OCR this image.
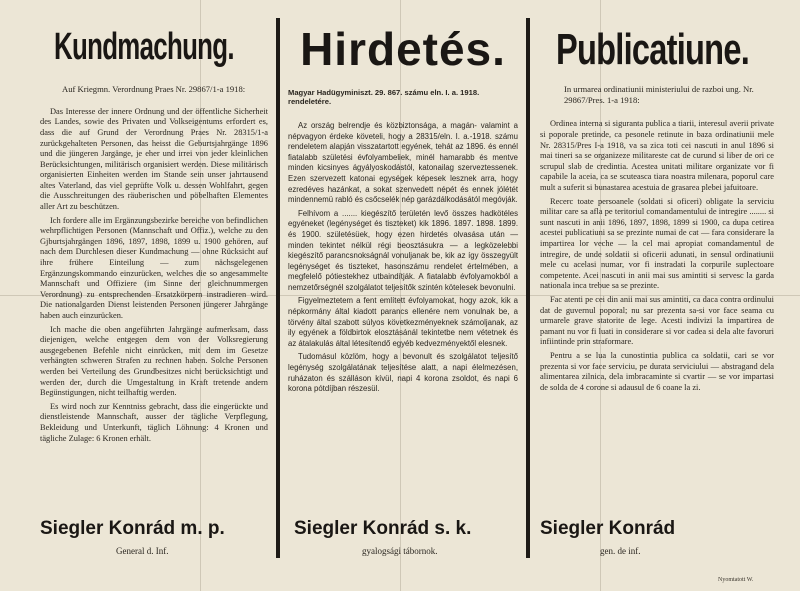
Kundmachung.
Auf Kriegmn. Verordnung Praes Nr. 29867/1-a 1918:

Das Interesse der innere Ordnung und der öffentliche Sicherheit des Landes, sowie des Privaten und Volkseigentums erfordert es, dass die auf Grund der Verordnung Praes Nr. 28315/1-a zurückgehalteten Personen, das heisst die Geburtsjahrgänge 1896 und die jüngeren Jargänge, je eher und irrei von jeder kleinlichen Berücksichtungen, militärisch organisiert werden. Diese militärisch organisierten Einheiten werden im Stande sein unser jahrtausend altes Vaterland, das viel geprüfte Volk u. dessen Wohlfahrt, gegen die Ausschreitungen des räuberischen und pöbelhaften Elementes aller Art zu beschützen.

Ich fordere alle im Ergänzungsbezirke bereiche von befindlichen wehrpflichtigen Personen (Mannschaft und Offiz.), welche zu den Gjburtsjahrgängen 1896, 1897, 1898, 1899 u. 1900 gehören, auf nach dem Durchlesen dieser Kundmachung — ohne Rücksicht auf ihre frühere Einteilung — zum nächsgelegenen Ergänzungskommando einzurücken, welches die so angesammelte Mannschaft und Offiziere (im Sinne der gleichnummergen Verordnung) zu entsprechenden Ersatzkörpern instradieren wird. Die nationalgarden Dienst leistenden Personen jüngerer Jahrgänge haben auch einzurücken.

Ich mache die oben angeführten Jahrgänge aufmerksam, dass diejenigen, welche entgegen dem von der Volksregierung ausgegebenen Befehle nicht einrücken, mit dem im Gesetze verhängten schweren Strafen zu rechnen haben. Solche Personen werden bei Verteilung des Grundbesitzes nicht berücksichtigt und werden der, durch die Umgestaltung in Kraft tretende andern Begünstigungen, nicht teilhaftig werden.

Es wird noch zur Kenntniss gebracht, dass die eingerückte und dienstleistende Mannschaft, ausser der tägliche Verpflegung, Bekleidung und Unterkunft, täglich Löhnung: 4 Kronen und tägliche Zulage: 6 Kronen erhält.

Siegler Konrád m. p.
General d. Inf.
Hirdetés.
Magyar Hadügyminiszt. 29. 867. számu eln. I. a. 1918. rendeletére.

Az ország belrendje és közbiztonsága, a magán- valamint a népvagyon érdeke követeli, hogy a 28315/eln. I. a.-1918. számu rendeletem alapján visszatartott egyének, tehát az 1896. és ennél fiatalabb születési évfolyambeliek, minél hamarabb és mentve minden kicsinyes ágyályoskodástól, katonailag szerveztessenek. Ezen szervezett katonai egységek képesek lesznek arra, hogy ezredéves hazánkat, a sokat szenvedett népét és ennek jólétét mindennemü rabló és csőcselék nép garázdálkodásától megóvják.

Felhívom a ....... kiegészítő területén levő összes hadkötéles egyéneket (legénységet és tiszteket) kik 1896. 1897. 1898. 1899. és 1900. születésüek, hogy ezen hirdetés olvasása után — minden tekintet nélkül régi beosztásukra — a legközelebbi kiegészítő parancsnokságnál vonuljanak be, kik az így összegyült legénységet és tiszteket, hasonszámu rendelet értelmében, a megfelelő pótiestekhez utbaindítják. A fiatalabb évfolyamokból a nemzetőrségnél szolgálatot teljesítők szintén kötelesek bevonulni.

Figyelmeztetem a fent említett évfolyamokat, hogy azok, kik a népkormány által kiadott parancs ellenére nem vonulnak be, a törvény által szabott súlyos következményeknek számoljanak, az ily egyének a földbirtok elosztásánál tekintetbe nem vétetnek és az átalakulás által létesítendő egyéb kedvezményektől elesnek.

Tudomásul közlöm, hogy a bevonult és szolgálatot teljesítő legénység szolgálatának teljesítése alatt, a napi élelmezésen, ruházaton és szálláson kívül, napi 4 korona zsoldot, és napi 6 korona pótdíjban részesül.

Siegler Konrád s. k.
gyalogsági tábornok.
Publicatiune.
In urmarea ordinatiunii ministeriului de razboi ung. Nr. 29867/Pres. 1-a 1918:

Ordinea interna si siguranta publica a tiarii, interesul averii private si poporale pretinde, ca pesonele retinute in baza ordinatiunii mele Nr. 28315/Pres I-a 1918, va sa zica toti cei nascuti in anul 1896 si mai tineri sa se organizeze militareste cat de curund si liber de ori ce scrupul slab de credintia. Acestea unitati militare organizate vor fi capabile la aceia, ca se scuteasca tiara noastra milenara, poporul care mult a suferit si bunastarea acestuia de grasarea plebei jafuitoare.

Recerc toate persoanele (soldati si oficeri) obligate la serviciu militar care sa afla pe teritoriul comandamentului de intregire ........ si sunt nascuti in anii 1896, 1897, 1898, 1899 si 1900, ca dupa cetirea acestei publicatiuni sa se prezinte numai de cat — fara considerare la impartirea lor veche — la cel mai apropiat comandamentul de intregire, de unde soldatii si oficerii adunati, in sensul ordinatiunii mele cu acelasi numar, vor fi instradati la corpurile suplectoare competente. Acei nascuti in anii mai sus amintiti si servesc la garda nationala inca trebue sa se prezinte.

Fac atenti pe cei din anii mai sus amintiti, ca daca contra ordinului dat de guvernul poporal; nu sar prezenta sa-si vor face seama cu urmarele grave statorite de lege. Acesti indivizi la impartirea de pamant nu vor fi luati in considerare si vor cadea si dela alte favoruri infiintinde prin straformare.

Pentru a se lua la cunostintia publica ca soldatii, cari se vor prezenta si vor face serviciu, pe durata serviciului — abstragand dela alimentarea zilnica, dela imbracaminte si cvartir — se vor impartasi de solda de 4 corone si adausul de 6 coane la zi.

Siegler Konrád
gen. de inf.
Nyomtatott W.
